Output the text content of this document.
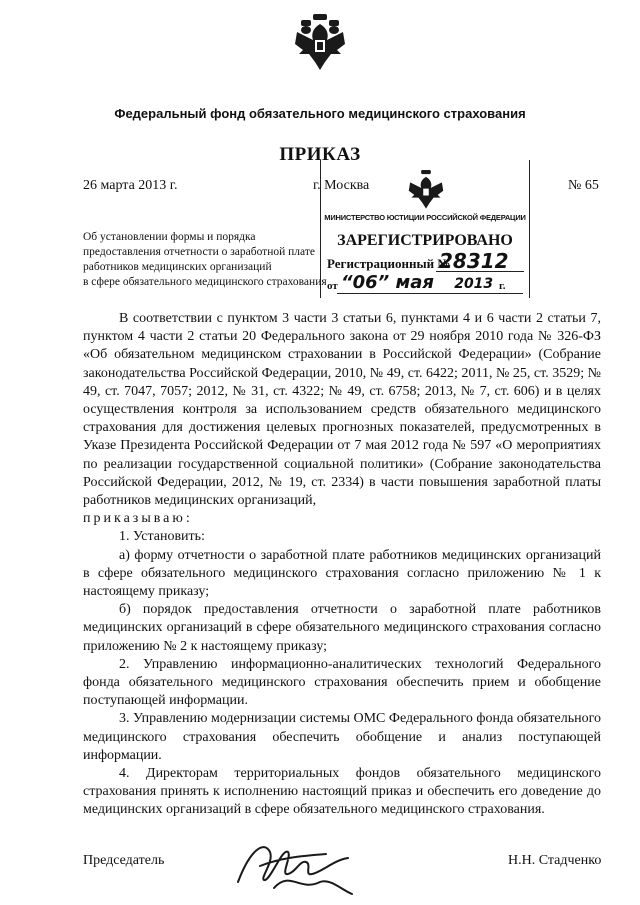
Федеральный фонд обязательного медицинского страхования
ПРИКАЗ
26 марта 2013 г.	г. Москва	№ 65
МИНИСТЕРСТВО ЮСТИЦИИ РОССИЙСКОЙ ФЕДЕРАЦИИ
ЗАРЕГИСТРИРОВАНО
Регистрационный №
28312
от “06” мая 2013 г.
Об установлении формы и порядка
предоставления отчетности о заработной плате
работников медицинских организаций
в сфере обязательного медицинского страхования

В соответствии с пунктом 3 части 3 статьи 6, пунктами 4 и 6 части 2 статьи 7, пунктом 4 части 2 статьи 20 Федерального закона от 29 ноября 2010 года № 326-ФЗ «Об обязательном медицинском страховании в Российской Федерации» (Собрание законодательства Российской Федерации, 2010, № 49, ст. 6422; 2011, № 25, ст. 3529; № 49, ст. 7047, 7057; 2012, № 31, ст. 4322; № 49, ст. 6758; 2013, № 7, ст. 606) и в целях осуществления контроля за использованием средств обязательного медицинского страхования для достижения целевых прогнозных показателей, предусмотренных в Указе Президента Российской Федерации от 7 мая 2012 года № 597 «О мероприятиях по реализации государственной социальной политики» (Собрание законодательства Российской Федерации, 2012, № 19, ст. 2334) в части повышения заработной платы работников медицинских организаций,

приказываю:

1. Установить:

а) форму отчетности о заработной плате работников медицинских организаций в сфере обязательного медицинского страхования согласно приложению № 1 к настоящему приказу;

б) порядок предоставления отчетности о заработной плате работников медицинских организаций в сфере обязательного медицинского страхования согласно приложению № 2 к настоящему приказу;

2. Управлению информационно-аналитических технологий Федерального фонда обязательного медицинского страхования обеспечить прием и обобщение поступающей информации.

3. Управлению модернизации системы ОМС Федерального фонда обязательного медицинского страхования обеспечить обобщение и анализ поступающей информации.

4. Директорам территориальных фондов обязательного медицинского страхования принять к исполнению настоящий приказ и обеспечить его доведение до медицинских организаций в сфере обязательного медицинского страхования.

Председатель	Н.Н. Стадченко
